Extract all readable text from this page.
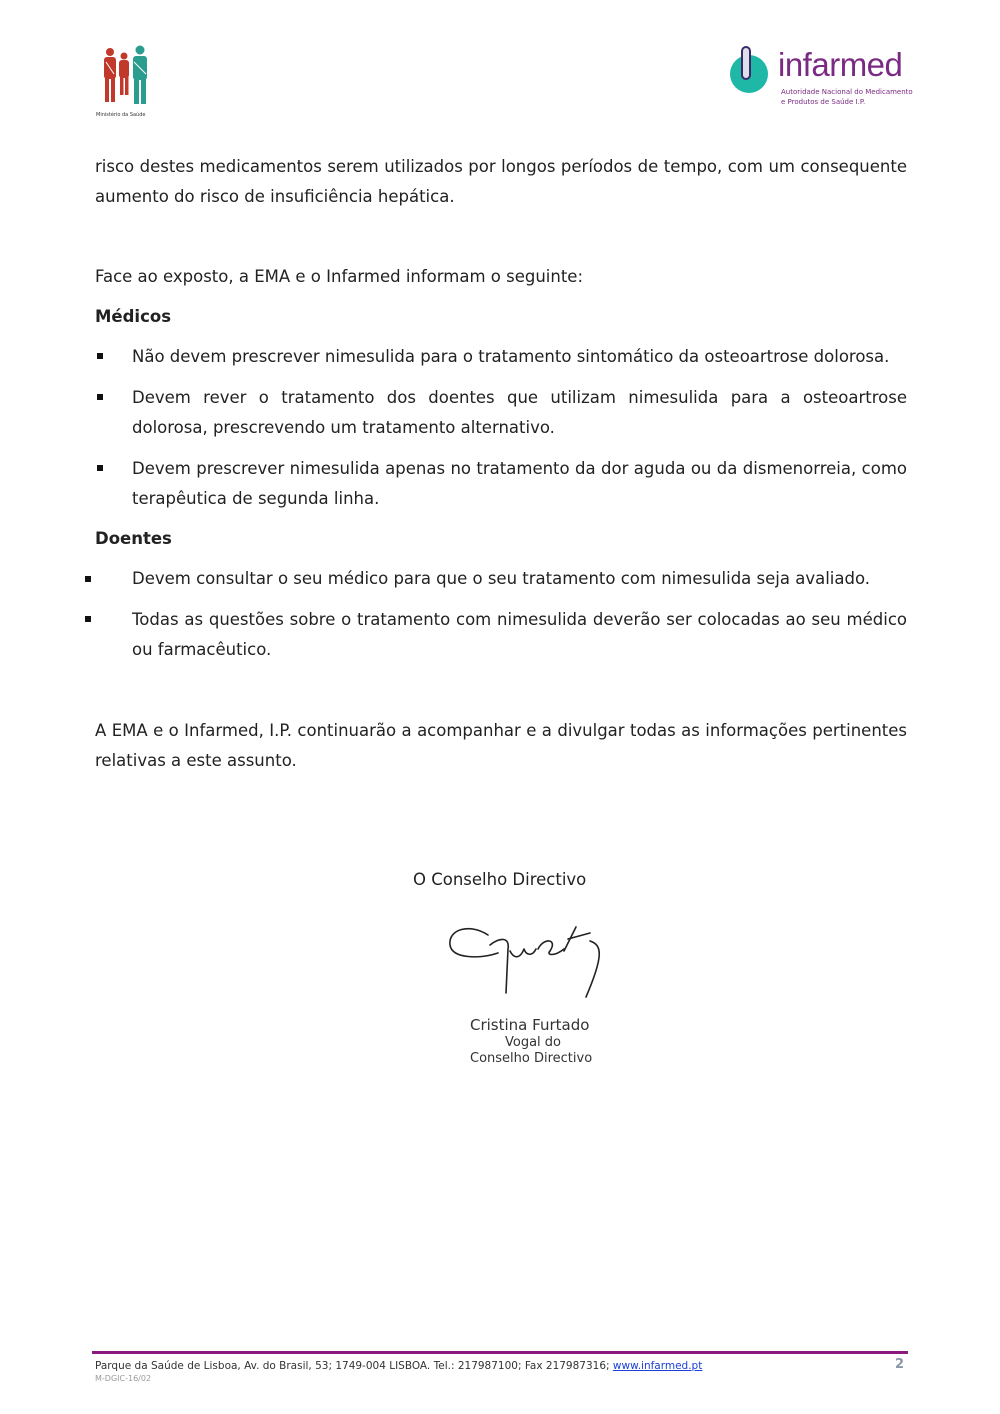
Ministério da Saúde
infarmed
Autoridade Nacional do Medicamento
e Produtos de Saúde I.P.
risco destes medicamentos serem utilizados por longos períodos de tempo, com um consequente aumento do risco de insuficiência hepática.
Face ao exposto, a EMA e o Infarmed informam o seguinte:
Médicos
Não devem prescrever nimesulida para o tratamento sintomático da osteoartrose dolorosa.
Devem rever o tratamento dos doentes que utilizam nimesulida para a osteoartrose dolorosa, prescrevendo um tratamento alternativo.
Devem prescrever nimesulida apenas no tratamento da dor aguda ou da dismenorreia, como terapêutica de segunda linha.
Doentes
Devem consultar o seu médico para que o seu tratamento com nimesulida seja avaliado.
Todas as questões sobre o tratamento com nimesulida deverão ser colocadas ao seu médico ou farmacêutico.
A EMA e o Infarmed, I.P. continuarão a acompanhar e a divulgar todas as informações pertinentes relativas a este assunto.
O Conselho Directivo
Cristina Furtado
Vogal do
Conselho Directivo
Parque da Saúde de Lisboa, Av. do Brasil, 53; 1749-004 LISBOA. Tel.: 217987100; Fax 217987316; www.infarmed.pt
M-DGIC-16/02
2
